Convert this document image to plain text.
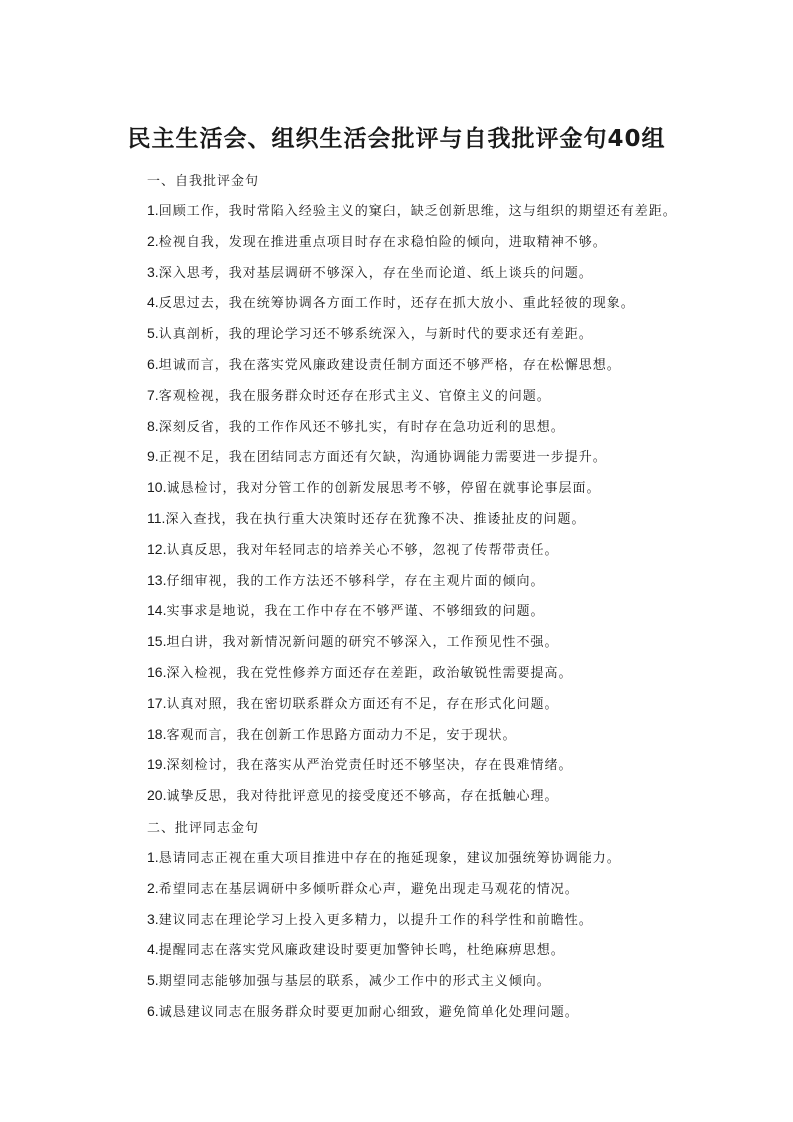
民主生活会、组织生活会批评与自我批评金句40组

一、自我批评金句

1.回顾工作，我时常陷入经验主义的窠臼，缺乏创新思维，这与组织的期望还有差距。
2.检视自我，发现在推进重点项目时存在求稳怕险的倾向，进取精神不够。
3.深入思考，我对基层调研不够深入，存在坐而论道、纸上谈兵的问题。
4.反思过去，我在统筹协调各方面工作时，还存在抓大放小、重此轻彼的现象。
5.认真剖析，我的理论学习还不够系统深入，与新时代的要求还有差距。
6.坦诚而言，我在落实党风廉政建设责任制方面还不够严格，存在松懈思想。
7.客观检视，我在服务群众时还存在形式主义、官僚主义的问题。
8.深刻反省，我的工作作风还不够扎实，有时存在急功近利的思想。
9.正视不足，我在团结同志方面还有欠缺，沟通协调能力需要进一步提升。
10.诚恳检讨，我对分管工作的创新发展思考不够，停留在就事论事层面。
11.深入查找，我在执行重大决策时还存在犹豫不决、推诿扯皮的问题。
12.认真反思，我对年轻同志的培养关心不够，忽视了传帮带责任。
13.仔细审视，我的工作方法还不够科学，存在主观片面的倾向。
14.实事求是地说，我在工作中存在不够严谨、不够细致的问题。
15.坦白讲，我对新情况新问题的研究不够深入，工作预见性不强。
16.深入检视，我在党性修养方面还存在差距，政治敏锐性需要提高。
17.认真对照，我在密切联系群众方面还有不足，存在形式化问题。
18.客观而言，我在创新工作思路方面动力不足，安于现状。
19.深刻检讨，我在落实从严治党责任时还不够坚决，存在畏难情绪。
20.诚挚反思，我对待批评意见的接受度还不够高，存在抵触心理。

二、批评同志金句

1.恳请同志正视在重大项目推进中存在的拖延现象，建议加强统筹协调能力。
2.希望同志在基层调研中多倾听群众心声，避免出现走马观花的情况。
3.建议同志在理论学习上投入更多精力，以提升工作的科学性和前瞻性。
4.提醒同志在落实党风廉政建设时要更加警钟长鸣，杜绝麻痹思想。
5.期望同志能够加强与基层的联系，减少工作中的形式主义倾向。
6.诚恳建议同志在服务群众时要更加耐心细致，避免简单化处理问题。
